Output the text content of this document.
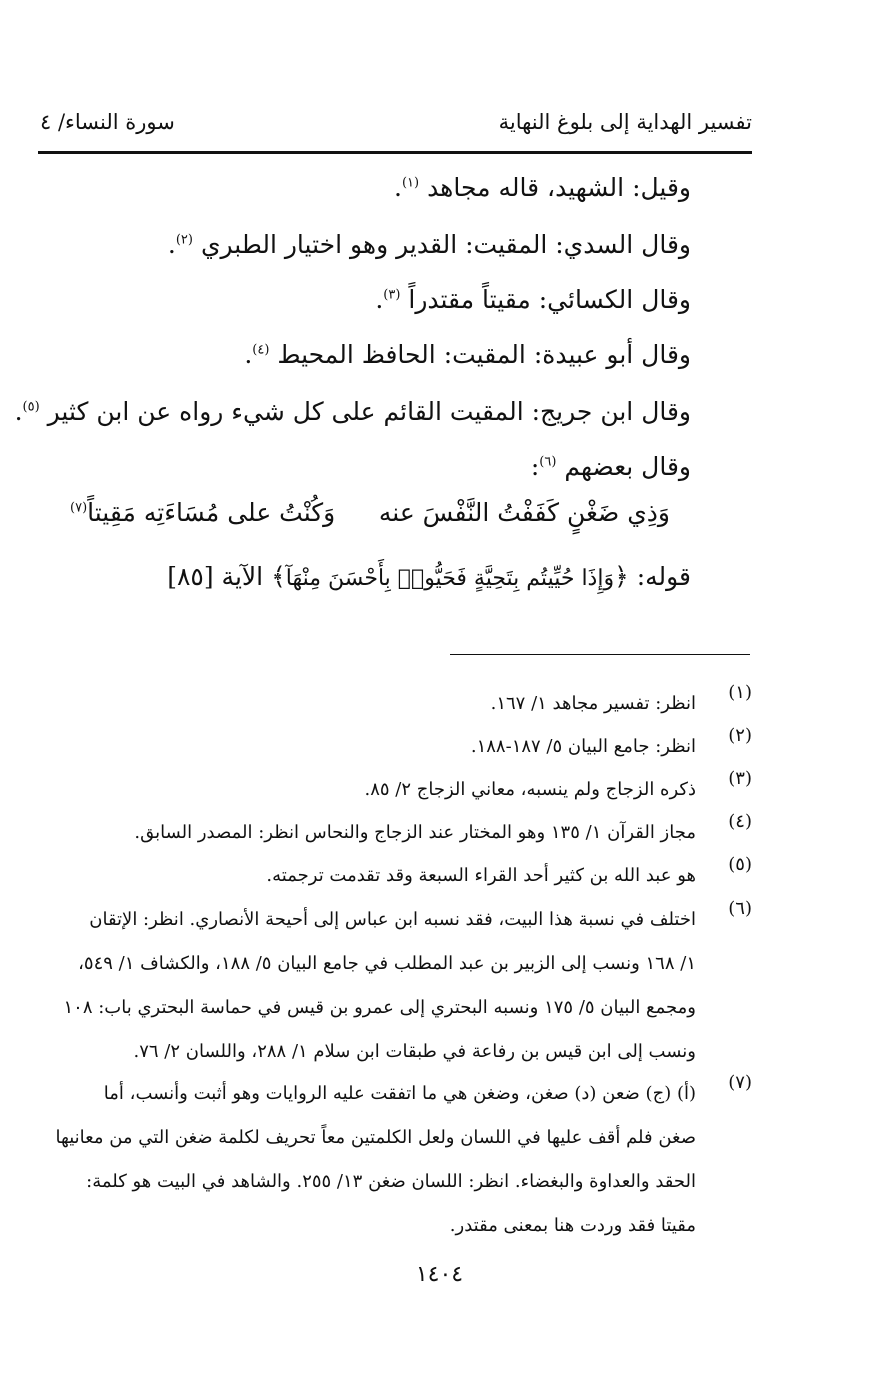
سورة النساء/ ٤	تفسير الهداية إلى بلوغ النهاية
وقيل: الشهيد، قاله مجاهد $^{(١)}$.
وقال السدي: المقيت: القدير وهو اختيار الطبري $^{(٢)}$.
وقال الكسائي: مقيتاً مقتدراً $^{(٣)}$.
وقال أبو عبيدة: المقيت: الحافظ المحيط $^{(٤)}$.
وقال ابن جريج: المقيت القائم على كل شيء رواه عن ابن كثير $^{(٥)}$.
وقال بعضهم $^{(٦)}$:
وَذِي ضَغْنٍ كَفَفْتُ النَّفْسَ عنه
وَكُنْتُ على مُسَاءَتِه مَقِيتاً$^{(٧)}$
قوله: ﴿وَإِذَا حُيِّيتُم بِتَحِيَّةٍ فَحَيُّوا۟ بِأَحْسَنَ مِنْهَآ﴾ الآية [٨٥]
(١)
انظر: تفسير مجاهد ١/ ١٦٧.
(٢)
انظر: جامع البيان ٥/ ١٨٧-١٨٨.
(٣)
ذكره الزجاج ولم ينسبه، معاني الزجاج ٢/ ٨٥.
(٤)
مجاز القرآن ١/ ١٣٥ وهو المختار عند الزجاج والنحاس انظر: المصدر السابق.
(٥)
هو عبد الله بن كثير أحد القراء السبعة وقد تقدمت ترجمته.
(٦)
اختلف في نسبة هذا البيت، فقد نسبه ابن عباس إلى أحيحة الأنصاري. انظر: الإتقان
١/ ١٦٨ ونسب إلى الزبير بن عبد المطلب في جامع البيان ٥/ ١٨٨، والكشاف ١/ ٥٤٩،
ومجمع البيان ٥/ ١٧٥ ونسبه البحتري إلى عمرو بن قيس في حماسة البحتري باب: ١٠٨
ونسب إلى ابن قيس بن رفاعة في طبقات ابن سلام ١/ ٢٨٨، واللسان ٢/ ٧٦.
(٧)
(أ) (ج) ضعن (د) صغن، وضغن هي ما اتفقت عليه الروايات وهو أثبت وأنسب، أما
صغن فلم أقف عليها في اللسان ولعل الكلمتين معاً تحريف لكلمة ضغن التي من معانيها
الحقد والعداوة والبغضاء. انظر: اللسان ضغن ١٣/ ٢٥٥. والشاهد في البيت هو كلمة:
مقيتا فقد وردت هنا بمعنى مقتدر.
١٤٠٤
